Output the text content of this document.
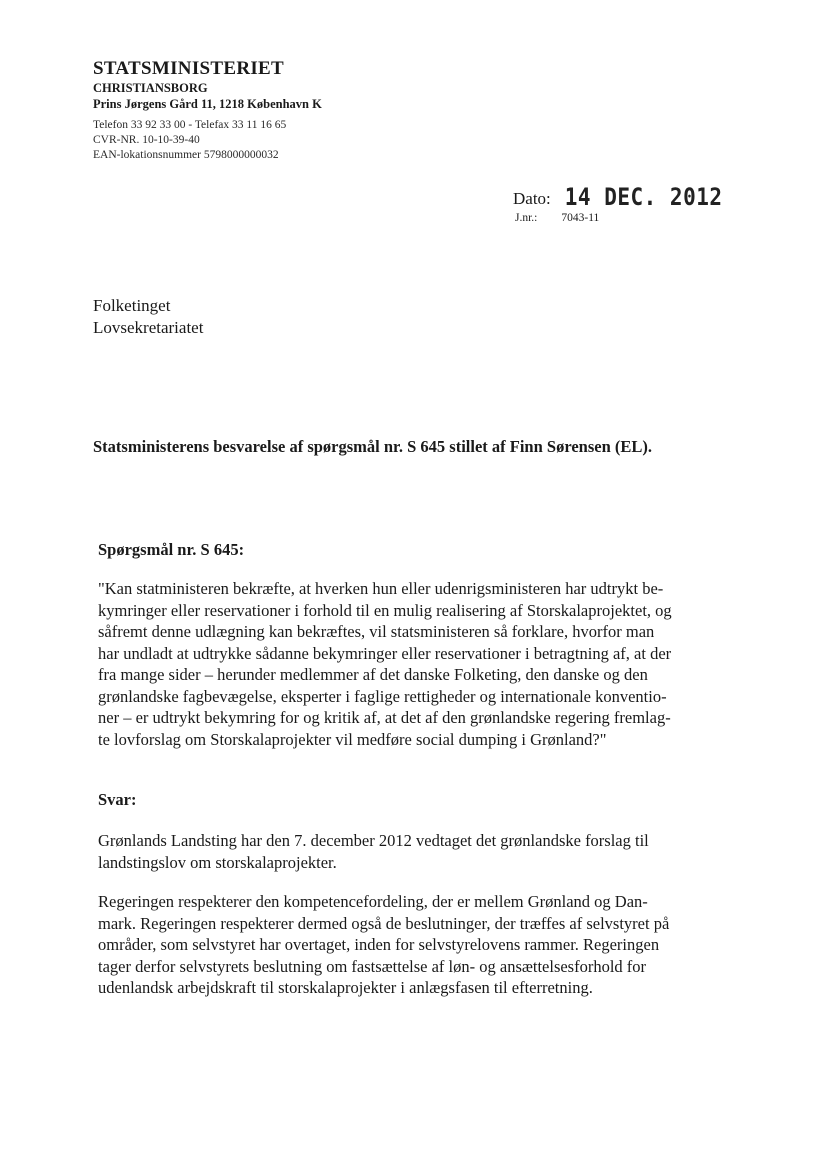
STATSMINISTERIET
CHRISTIANSBORG
Prins Jørgens Gård 11, 1218 København K
Telefon 33 92 33 00 - Telefax 33 11 16 65
CVR-NR. 10-10-39-40
EAN-lokationsnummer 5798000000032
Dato: 14 DEC. 2012
J.nr.: 7043-11
Folketinget
Lovsekretariatet
Statsministerens besvarelse af spørgsmål nr. S 645 stillet af Finn Sørensen (EL).
Spørgsmål nr. S 645:
"Kan statministeren bekræfte, at hverken hun eller udenrigsministeren har udtrykt be-
kymringer eller reservationer i forhold til en mulig realisering af Storskalaprojektet, og
såfremt denne udlægning kan bekræftes, vil statsministeren så forklare, hvorfor man
har undladt at udtrykke sådanne bekymringer eller reservationer i betragtning af, at der
fra mange sider – herunder medlemmer af det danske Folketing, den danske og den
grønlandske fagbevægelse, eksperter i faglige rettigheder og internationale konventio-
ner – er udtrykt bekymring for og kritik af, at det af den grønlandske regering fremlag-
te lovforslag om Storskalaprojekter vil medføre social dumping i Grønland?"
Svar:
Grønlands Landsting har den 7. december 2012 vedtaget det grønlandske forslag til
landstingslov om storskalaprojekter.
Regeringen respekterer den kompetencefordeling, der er mellem Grønland og Dan-
mark. Regeringen respekterer dermed også de beslutninger, der træffes af selvstyret på
områder, som selvstyret har overtaget, inden for selvstyrelovens rammer. Regeringen
tager derfor selvstyrets beslutning om fastsættelse af løn- og ansættelsesforhold for
udenlandsk arbejdskraft til storskalaprojekter i anlægsfasen til efterretning.
